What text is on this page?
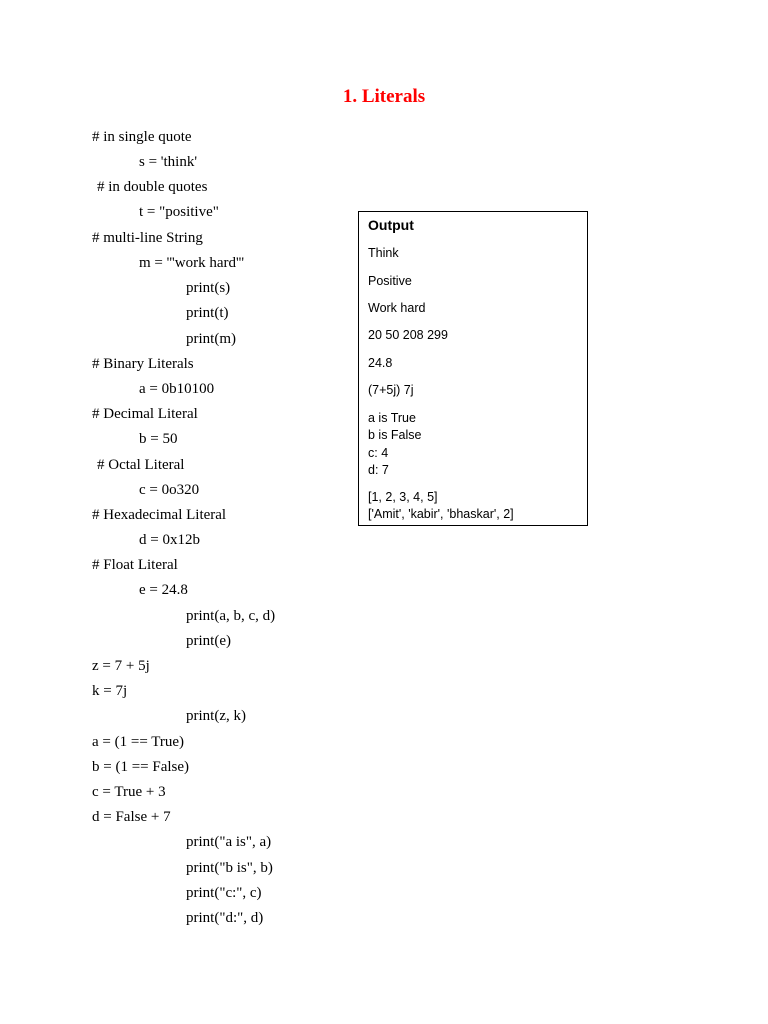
1. Literals
# in single quote
s = 'think'
# in double quotes
t = "positive"
# multi-line String
m = '''work hard'''
print(s)
print(t)
print(m)
# Binary Literals
a = 0b10100
# Decimal Literal
b = 50
# Octal Literal
c = 0o320
# Hexadecimal Literal
d = 0x12b
# Float Literal
e = 24.8
print(a, b, c, d)
print(e)
z = 7 + 5j
k = 7j
print(z, k)
a = (1 == True)
b = (1 == False)
c = True + 3
d = False + 7
print("a is", a)
print("b is", b)
print("c:", c)
print("d:", d)
Output
Think
Positive
Work hard
20 50 208 299
24.8
(7+5j) 7j
a is True
b is False
c: 4
d: 7
[1, 2, 3, 4, 5]
['Amit', 'kabir', 'bhaskar', 2]
